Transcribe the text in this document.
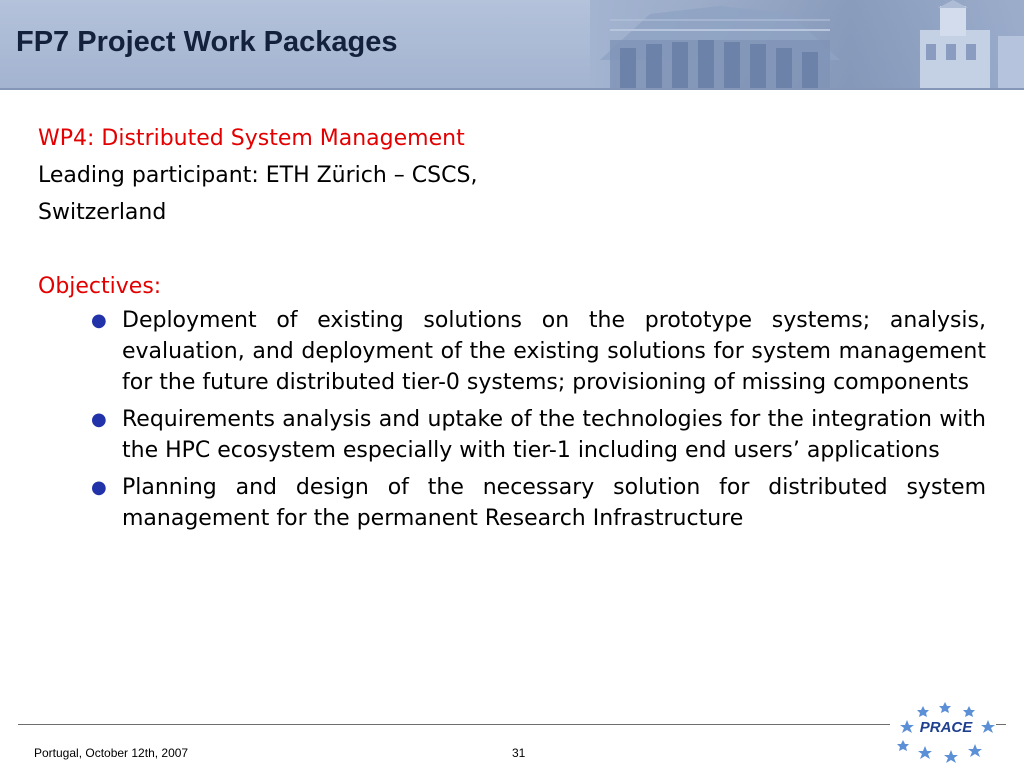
FP7 Project Work Packages
WP4: Distributed System Management
Leading participant: ETH Zürich – CSCS,
Switzerland
Objectives:
● Deployment of existing solutions on the prototype systems; analysis, evaluation, and deployment of the existing solutions for system management for the future distributed tier-0 systems; provisioning of missing components
● Requirements analysis and uptake of the technologies for the integration with the HPC ecosystem especially with tier-1 including end users’ applications
● Planning and design of the necessary solution for distributed system management for the permanent Research Infrastructure
Portugal, October 12th, 2007	31
PRACE
